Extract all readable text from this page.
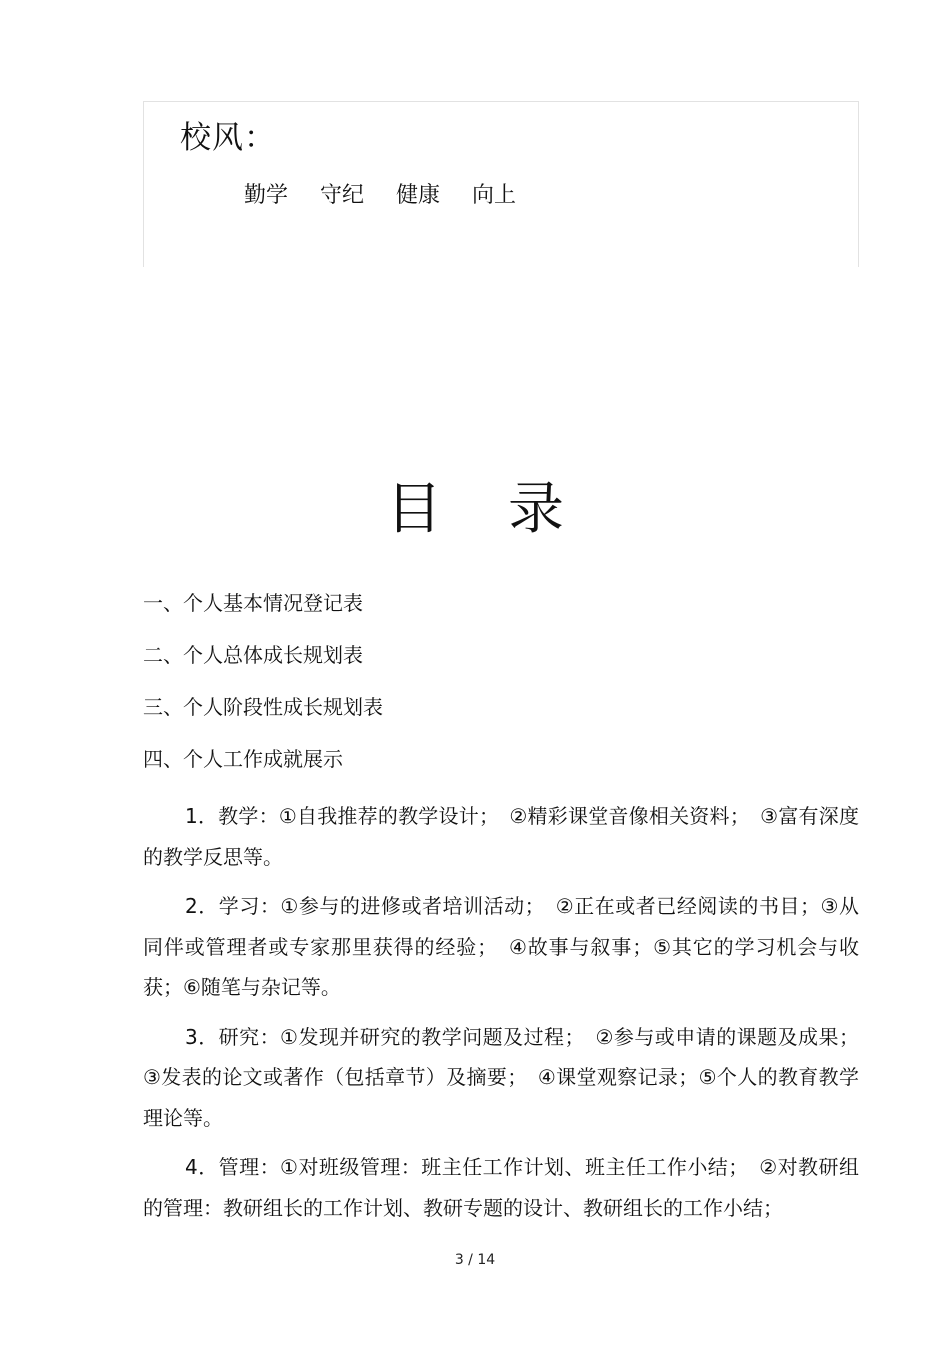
校风：
勤学 守纪 健康 向上
目 录
一、个人基本情况登记表
二、个人总体成长规划表
三、个人阶段性成长规划表
四、个人工作成就展示

1．教学：①自我推荐的教学设计；　②精彩课堂音像相关资料；　③富有深度的教学反思等。

2．学习：①参与的进修或者培训活动；　②正在或者已经阅读的书目；③从同伴或管理者或专家那里获得的经验；　④故事与叙事；⑤其它的学习机会与收获；⑥随笔与杂记等。

3．研究：①发现并研究的教学问题及过程；　②参与或申请的课题及成果；③发表的论文或著作（包括章节）及摘要；　④课堂观察记录；⑤个人的教育教学理论等。

4．管理：①对班级管理：班主任工作计划、班主任工作小结；　②对教研组的管理：教研组长的工作计划、教研专题的设计、教研组长的工作小结；

3 / 14
